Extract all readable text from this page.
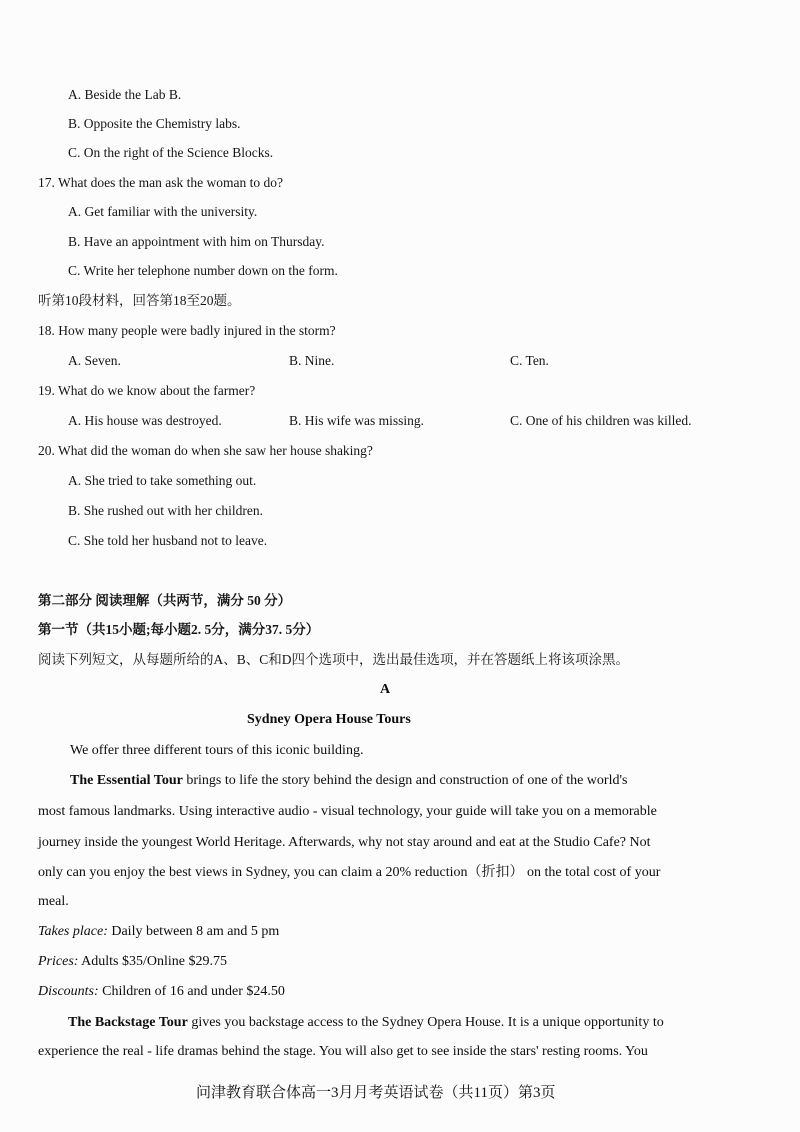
A. Beside the Lab B.
B. Opposite the Chemistry labs.
C. On the right of the Science Blocks.
17. What does the man ask the woman to do?
A. Get familiar with the university.
B. Have an appointment with him on Thursday.
C. Write her telephone number down on the form.
听第10段材料，回答第18至20题。
18. How many people were badly injured in the storm?
A. Seven.	B. Nine.	C. Ten.
19. What do we know about the farmer?
A. His house was destroyed.	B. His wife was missing.	C. One of his children was killed.
20. What did the woman do when she saw her house shaking?
A. She tried to take something out.
B. She rushed out with her children.
C. She told her husband not to leave.
第二部分 阅读理解（共两节，满分 50 分）
第一节（共15小题;每小题2. 5分，满分37. 5分）
阅读下列短文，从每题所给的A、B、C和D四个选项中，选出最佳选项，并在答题纸上将该项涂黑。
A
Sydney Opera House Tours
We offer three different tours of this iconic building.
The Essential Tour brings to life the story behind the design and construction of one of the world's
most famous landmarks. Using interactive audio - visual technology, your guide will take you on a memorable
journey inside the youngest World Heritage. Afterwards, why not stay around and eat at the Studio Cafe? Not
only can you enjoy the best views in Sydney, you can claim a 20% reduction（折扣） on the total cost of your
meal.
Takes place: Daily between 8 am and 5 pm
Prices: Adults $35/Online $29.75
Discounts: Children of 16 and under $24.50
The Backstage Tour gives you backstage access to the Sydney Opera House. It is a unique opportunity to
experience the real - life dramas behind the stage. You will also get to see inside the stars' resting rooms. You
问津教育联合体高一3月月考英语试卷（共11页）第3页
